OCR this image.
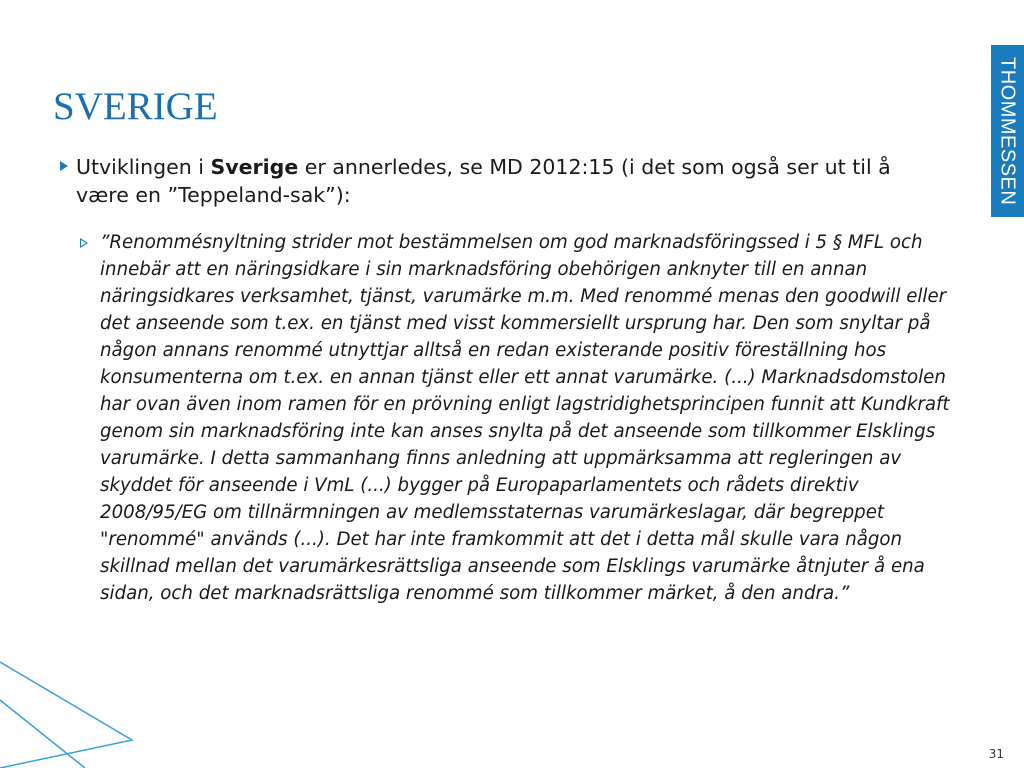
THOMMESSEN
SVERIGE
Utviklingen i Sverige er annerledes, se MD 2012:15 (i det som også ser ut til å være en ”Teppeland-sak”):
”Renommésnyltning strider mot bestämmelsen om god marknadsföringssed i 5 § MFL och innebär att en näringsidkare i sin marknadsföring obehörigen anknyter till en annan näringsidkares verksamhet, tjänst, varumärke m.m. Med renommé menas den goodwill eller det anseende som t.ex. en tjänst med visst kommersiellt ursprung har. Den som snyltar på någon annans renommé utnyttjar alltså en redan existerande positiv föreställning hos konsumenterna om t.ex. en annan tjänst eller ett annat varumärke. (...) Marknadsdomstolen har ovan även inom ramen för en prövning enligt lagstridighetsprincipen funnit att Kundkraft genom sin marknadsföring inte kan anses snylta på det anseende som tillkommer Elsklings varumärke. I detta sammanhang finns anledning att uppmärksamma att regleringen av skyddet för anseende i VmL (...) bygger på Europaparlamentets och rådets direktiv 2008/95/EG om tillnärmningen av medlemsstaternas varumärkeslagar, där begreppet "renommé" används (...). Det har inte framkommit att det i detta mål skulle vara någon skillnad mellan det varumärkesrättsliga anseende som Elsklings varumärke åtnjuter å ena sidan, och det marknadsrättsliga renommé som tillkommer märket, å den andra.”
31
